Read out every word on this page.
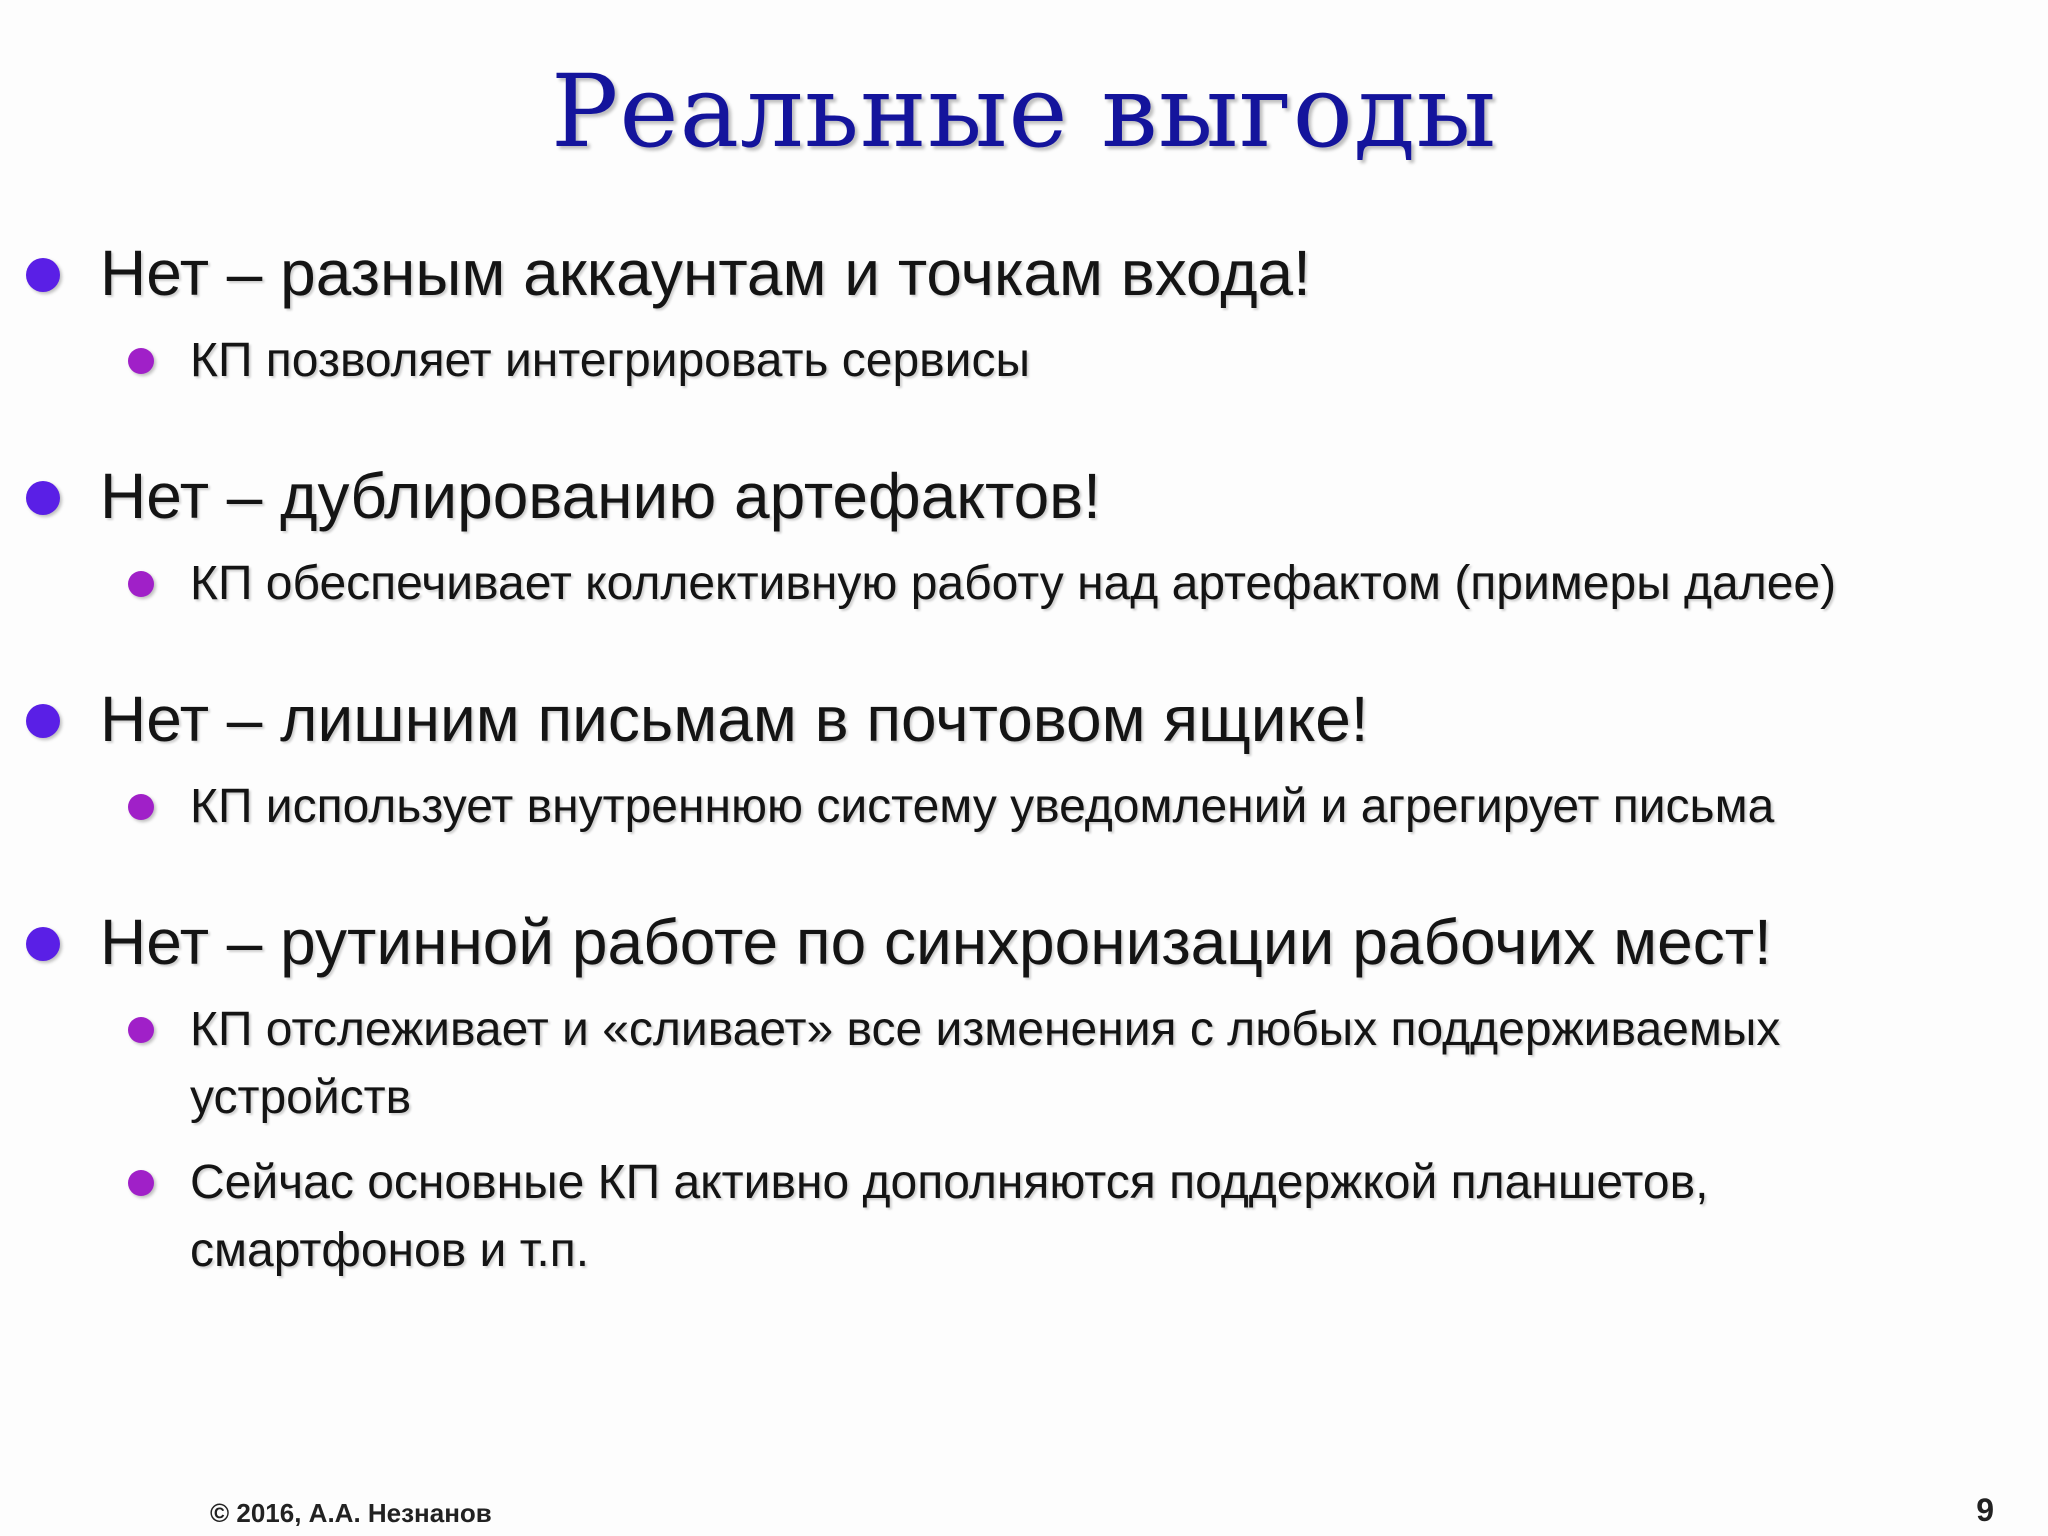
Реальные выгоды
Нет – разным аккаунтам и точкам входа!
КП позволяет интегрировать сервисы
Нет – дублированию артефактов!
КП обеспечивает коллективную работу над артефактом (примеры далее)
Нет – лишним письмам в почтовом ящике!
КП использует внутреннюю систему уведомлений и агрегирует письма
Нет – рутинной работе по синхронизации рабочих мест!
КП отслеживает и «сливает» все изменения с любых поддерживаемых
устройств
Сейчас основные КП активно дополняются поддержкой планшетов,
смартфонов и т.п.
© 2016, А.А. Незнанов	9
